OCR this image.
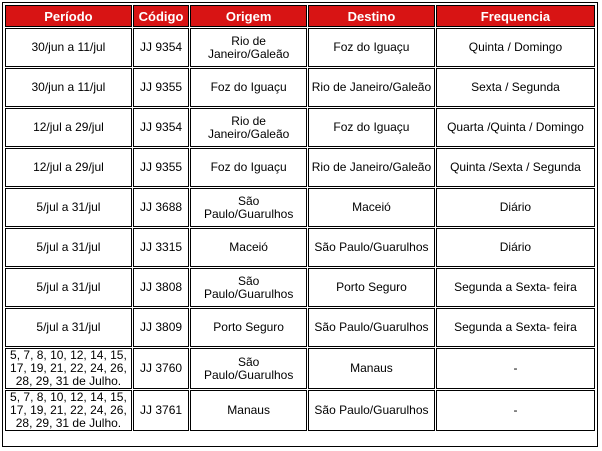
Período	Código	Origem	Destino	Frequencia
30/jun a 11/jul	JJ 9354	Rio de Janeiro/Galeão	Foz do Iguaçu	Quinta / Domingo
30/jun a 11/jul	JJ 9355	Foz do Iguaçu	Rio de Janeiro/Galeão	Sexta / Segunda
12/jul a 29/jul	JJ 9354	Rio de Janeiro/Galeão	Foz do Iguaçu	Quarta /Quinta / Domingo
12/jul a 29/jul	JJ 9355	Foz do Iguaçu	Rio de Janeiro/Galeão	Quinta /Sexta / Segunda
5/jul a 31/jul	JJ 3688	São Paulo/Guarulhos	Maceió	Diário
5/jul a 31/jul	JJ 3315	Maceió	São Paulo/Guarulhos	Diário
5/jul a 31/jul	JJ 3808	São Paulo/Guarulhos	Porto Seguro	Segunda a Sexta- feira
5/jul a 31/jul	JJ 3809	Porto Seguro	São Paulo/Guarulhos	Segunda a Sexta- feira
5, 7, 8, 10, 12, 14, 15, 17, 19, 21, 22, 24, 26, 28, 29, 31 de Julho.	JJ 3760	São Paulo/Guarulhos	Manaus	-
5, 7, 8, 10, 12, 14, 15, 17, 19, 21, 22, 24, 26, 28, 29, 31 de Julho.	JJ 3761	Manaus	São Paulo/Guarulhos	-
